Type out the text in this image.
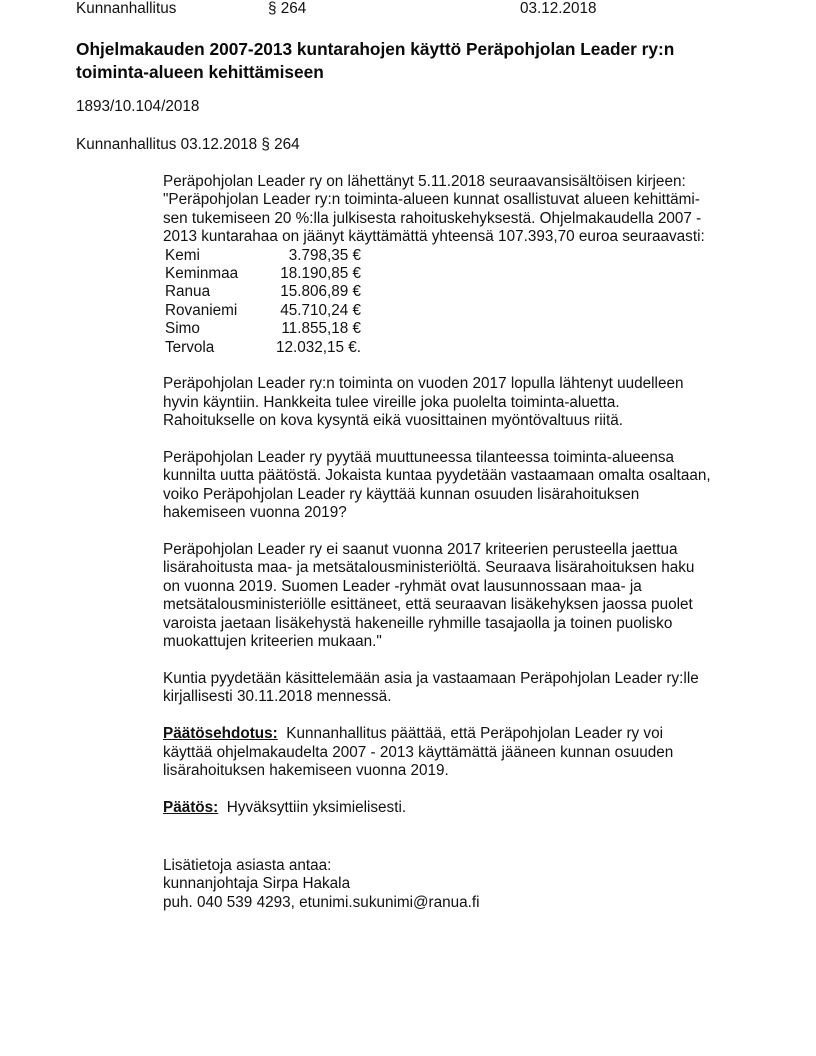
Kunnanhallitus	§ 264	03.12.2018
Ohjelmakauden 2007-2013 kuntarahojen käyttö Peräpohjolan Leader ry:n
toiminta-alueen kehittämiseen
1893/10.104/2018
Kunnanhallitus 03.12.2018 § 264
Peräpohjolan Leader ry on lähettänyt 5.11.2018 seuraavansisältöisen kirjeen:
"Peräpohjolan Leader ry:n toiminta-alueen kunnat osallistuvat alueen kehittämi-
sen tukemiseen 20 %:lla julkisesta rahoituskehyksestä. Ohjelmakaudella 2007 -
2013 kuntarahaa on jäänyt käyttämättä yhteensä 107.393,70 euroa seuraavasti:
Kemi	3.798,35 €
Keminmaa	18.190,85 €
Ranua	15.806,89 €
Rovaniemi	45.710,24 €
Simo	11.855,18 €
Tervola	12.032,15 €.
Peräpohjolan Leader ry:n toiminta on vuoden 2017 lopulla lähtenyt uudelleen
hyvin käyntiin. Hankkeita tulee vireille joka puolelta toiminta-aluetta.
Rahoitukselle on kova kysyntä eikä vuosittainen myöntövaltuus riitä.
Peräpohjolan Leader ry pyytää muuttuneessa tilanteessa toiminta-alueensa
kunnilta uutta päätöstä. Jokaista kuntaa pyydetään vastaamaan omalta osaltaan,
voiko Peräpohjolan Leader ry käyttää kunnan osuuden lisärahoituksen
hakemiseen vuonna 2019?
Peräpohjolan Leader ry ei saanut vuonna 2017 kriteerien perusteella jaettua
lisärahoitusta maa- ja metsätalousministeriöltä. Seuraava lisärahoituksen haku
on vuonna 2019. Suomen Leader -ryhmät ovat lausunnossaan maa- ja
metsätalousministeriölle esittäneet, että seuraavan lisäkehyksen jaossa puolet
varoista jaetaan lisäkehystä hakeneille ryhmille tasajaolla ja toinen puolisko
muokattujen kriteerien mukaan."
Kuntia pyydetään käsittelemään asia ja vastaamaan Peräpohjolan Leader ry:lle
kirjallisesti 30.11.2018 mennessä.
Päätösehdotus: Kunnanhallitus päättää, että Peräpohjolan Leader ry voi
käyttää ohjelmakaudelta 2007 - 2013 käyttämättä jääneen kunnan osuuden
lisärahoituksen hakemiseen vuonna 2019.
Päätös: Hyväksyttiin yksimielisesti.
Lisätietoja asiasta antaa:
kunnanjohtaja Sirpa Hakala
puh. 040 539 4293, etunimi.sukunimi@ranua.fi
